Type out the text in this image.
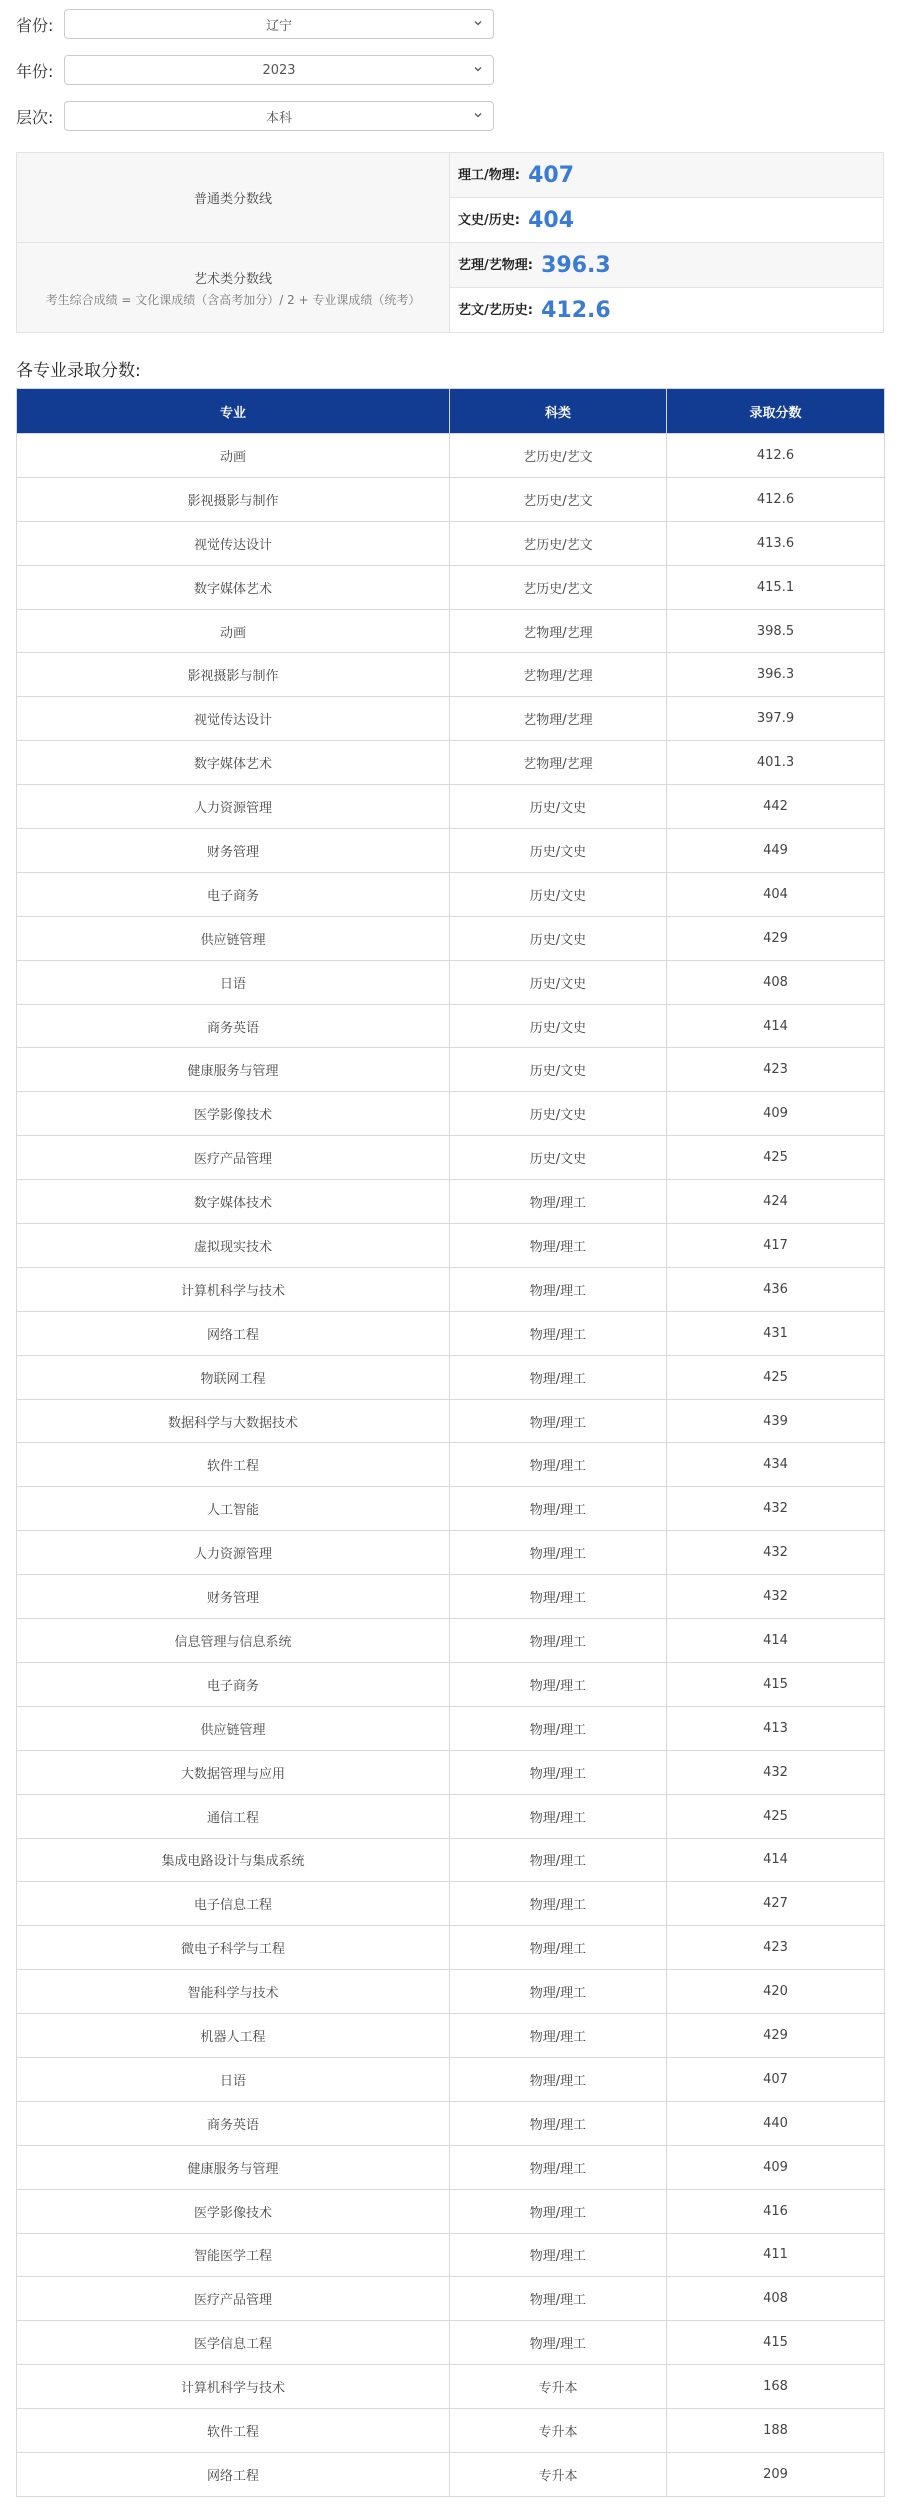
省份:	辽宁
年份:	2023
层次:	本科
普通类分数线	理工/物理: 407
	文史/历史: 404

艺术类分数线
考生综合成绩 = 文化课成绩（含高考加分）/ 2 + 专业课成绩（统考）	艺理/艺物理: 396.3
	艺文/艺历史: 412.6
各专业录取分数:
专业	科类	录取分数
动画	艺历史/艺文	412.6
影视摄影与制作	艺历史/艺文	412.6
视觉传达设计	艺历史/艺文	413.6
数字媒体艺术	艺历史/艺文	415.1
动画	艺物理/艺理	398.5
影视摄影与制作	艺物理/艺理	396.3
视觉传达设计	艺物理/艺理	397.9
数字媒体艺术	艺物理/艺理	401.3
人力资源管理	历史/文史	442
财务管理	历史/文史	449
电子商务	历史/文史	404
供应链管理	历史/文史	429
日语	历史/文史	408
商务英语	历史/文史	414
健康服务与管理	历史/文史	423
医学影像技术	历史/文史	409
医疗产品管理	历史/文史	425
数字媒体技术	物理/理工	424
虚拟现实技术	物理/理工	417
计算机科学与技术	物理/理工	436
网络工程	物理/理工	431
物联网工程	物理/理工	425
数据科学与大数据技术	物理/理工	439
软件工程	物理/理工	434
人工智能	物理/理工	432
人力资源管理	物理/理工	432
财务管理	物理/理工	432
信息管理与信息系统	物理/理工	414
电子商务	物理/理工	415
供应链管理	物理/理工	413
大数据管理与应用	物理/理工	432
通信工程	物理/理工	425
集成电路设计与集成系统	物理/理工	414
电子信息工程	物理/理工	427
微电子科学与工程	物理/理工	423
智能科学与技术	物理/理工	420
机器人工程	物理/理工	429
日语	物理/理工	407
商务英语	物理/理工	440
健康服务与管理	物理/理工	409
医学影像技术	物理/理工	416
智能医学工程	物理/理工	411
医疗产品管理	物理/理工	408
医学信息工程	物理/理工	415
计算机科学与技术	专升本	168
软件工程	专升本	188
网络工程	专升本	209
